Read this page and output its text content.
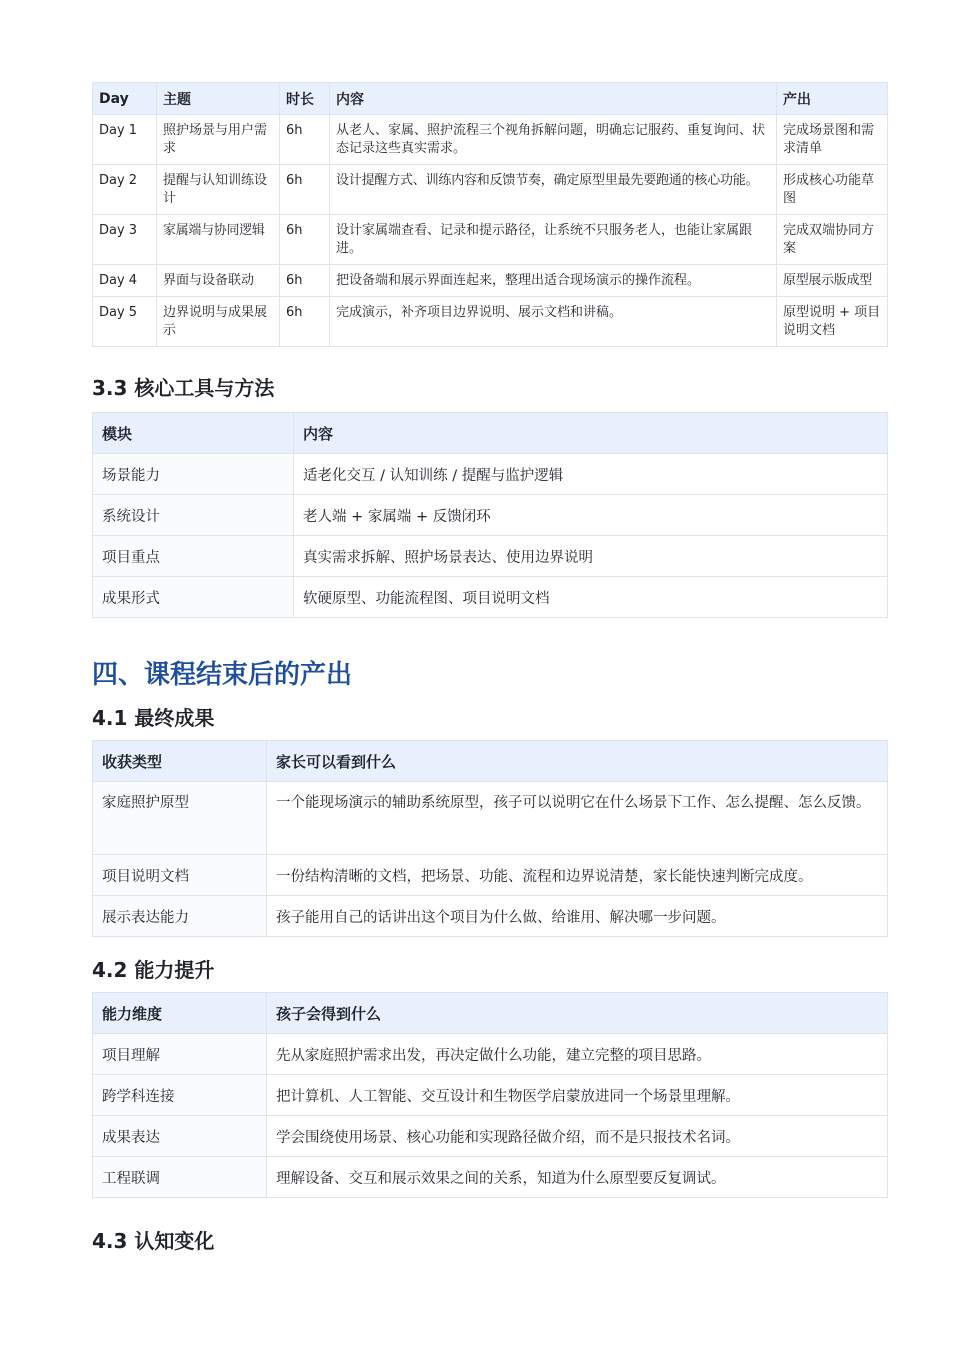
Day	主题	时长	内容	产出
Day 1	照护场景与用户需求	6h	从老人、家属、照护流程三个视角拆解问题，明确忘记服药、重复询问、状态记录这些真实需求。	完成场景图和需求清单
Day 2	提醒与认知训练设计	6h	设计提醒方式、训练内容和反馈节奏，确定原型里最先要跑通的核心功能。	形成核心功能草图
Day 3	家属端与协同逻辑	6h	设计家属端查看、记录和提示路径，让系统不只服务老人，也能让家属跟进。	完成双端协同方案
Day 4	界面与设备联动	6h	把设备端和展示界面连起来，整理出适合现场演示的操作流程。	原型展示版成型
Day 5	边界说明与成果展示	6h	完成演示，补齐项目边界说明、展示文档和讲稿。	原型说明 + 项目说明文档
3.3 核心工具与方法
模块	内容
场景能力	适老化交互 / 认知训练 / 提醒与监护逻辑
系统设计	老人端 + 家属端 + 反馈闭环
项目重点	真实需求拆解、照护场景表达、使用边界说明
成果形式	软硬原型、功能流程图、项目说明文档
四、课程结束后的产出
4.1 最终成果
收获类型	家长可以看到什么
家庭照护原型	一个能现场演示的辅助系统原型，孩子可以说明它在什么场景下工作、怎么提醒、怎么反馈。
项目说明文档	一份结构清晰的文档，把场景、功能、流程和边界说清楚，家长能快速判断完成度。
展示表达能力	孩子能用自己的话讲出这个项目为什么做、给谁用、解决哪一步问题。
4.2 能力提升
能力维度	孩子会得到什么
项目理解	先从家庭照护需求出发，再决定做什么功能，建立完整的项目思路。
跨学科连接	把计算机、人工智能、交互设计和生物医学启蒙放进同一个场景里理解。
成果表达	学会围绕使用场景、核心功能和实现路径做介绍，而不是只报技术名词。
工程联调	理解设备、交互和展示效果之间的关系，知道为什么原型要反复调试。
4.3 认知变化
